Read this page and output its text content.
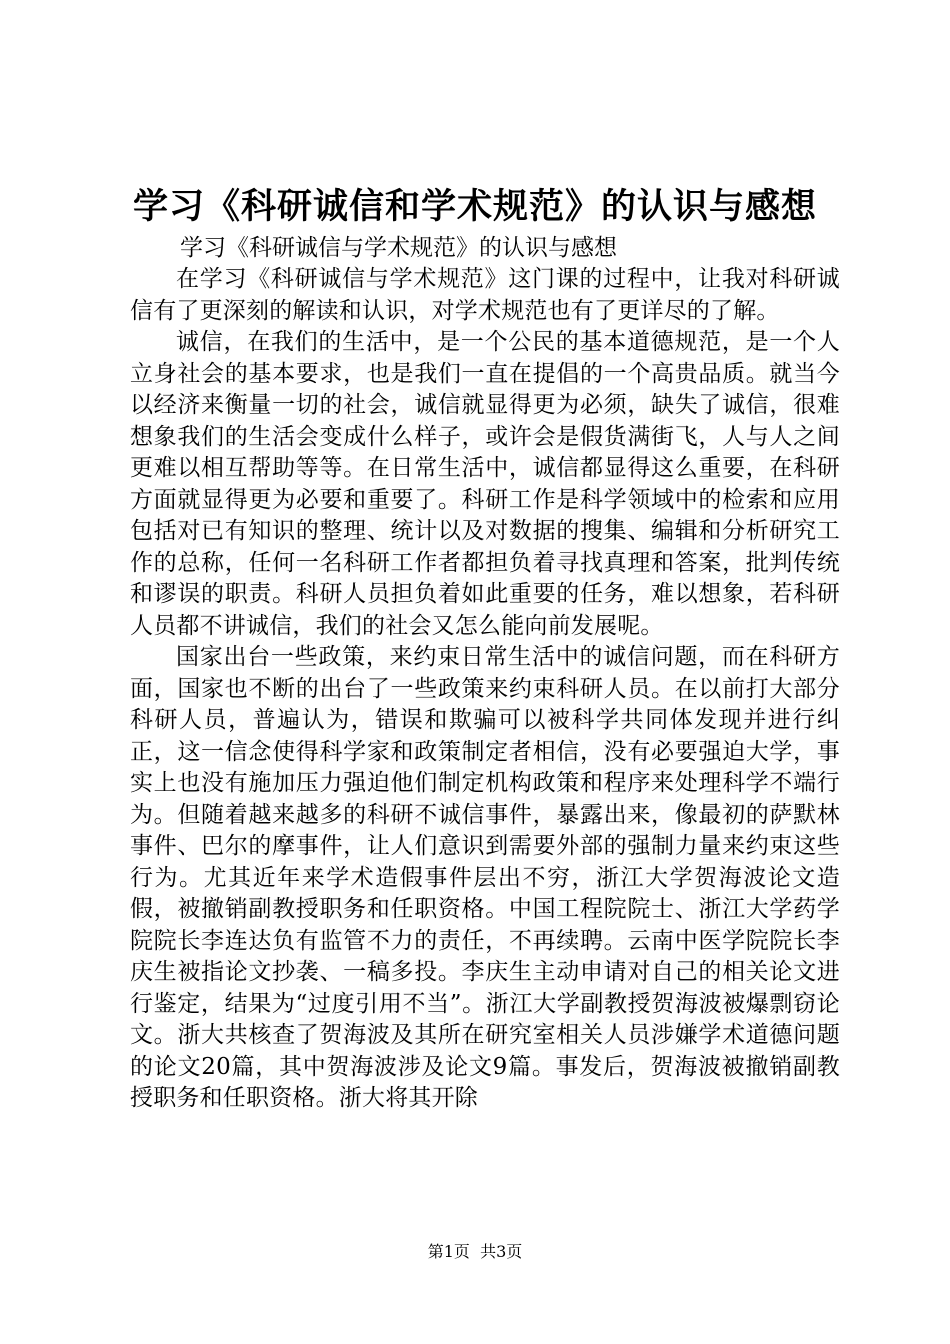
学习《科研诚信和学术规范》的认识与感想
学习《科研诚信与学术规范》的认识与感想

在学习《科研诚信与学术规范》这门课的过程中，让我对科研诚信有了更深刻的解读和认识，对学术规范也有了更详尽的了解。

诚信，在我们的生活中，是一个公民的基本道德规范，是一个人立身社会的基本要求，也是我们一直在提倡的一个高贵品质。就当今以经济来衡量一切的社会，诚信就显得更为必须，缺失了诚信，很难想象我们的生活会变成什么样子，或许会是假货满街飞，人与人之间更难以相互帮助等等。在日常生活中，诚信都显得这么重要，在科研方面就显得更为必要和重要了。科研工作是科学领域中的检索和应用包括对已有知识的整理、统计以及对数据的搜集、编辑和分析研究工作的总称，任何一名科研工作者都担负着寻找真理和答案，批判传统和谬误的职责。科研人员担负着如此重要的任务，难以想象，若科研人员都不讲诚信，我们的社会又怎么能向前发展呢。

国家出台一些政策，来约束日常生活中的诚信问题，而在科研方面，国家也不断的出台了一些政策来约束科研人员。在以前打大部分科研人员，普遍认为，错误和欺骗可以被科学共同体发现并进行纠正，这一信念使得科学家和政策制定者相信，没有必要强迫大学，事实上也没有施加压力强迫他们制定机构政策和程序来处理科学不端行为。但随着越来越多的科研不诚信事件，暴露出来，像最初的萨默林事件、巴尔的摩事件，让人们意识到需要外部的强制力量来约束这些行为。尤其近年来学术造假事件层出不穷，浙江大学贺海波论文造假，被撤销副教授职务和任职资格。中国工程院院士、浙江大学药学院院长李连达负有监管不力的责任，不再续聘。云南中医学院院长李庆生被指论文抄袭、一稿多投。李庆生主动申请对自己的相关论文进行鉴定，结果为“过度引用不当”。浙江大学副教授贺海波被爆剽窃论文。浙大共核查了贺海波及其所在研究室相关人员涉嫌学术道德问题的论文20篇，其中贺海波涉及论文9篇。事发后，贺海波被撤销副教授职务和任职资格。浙大将其开除

第1页  共3页
